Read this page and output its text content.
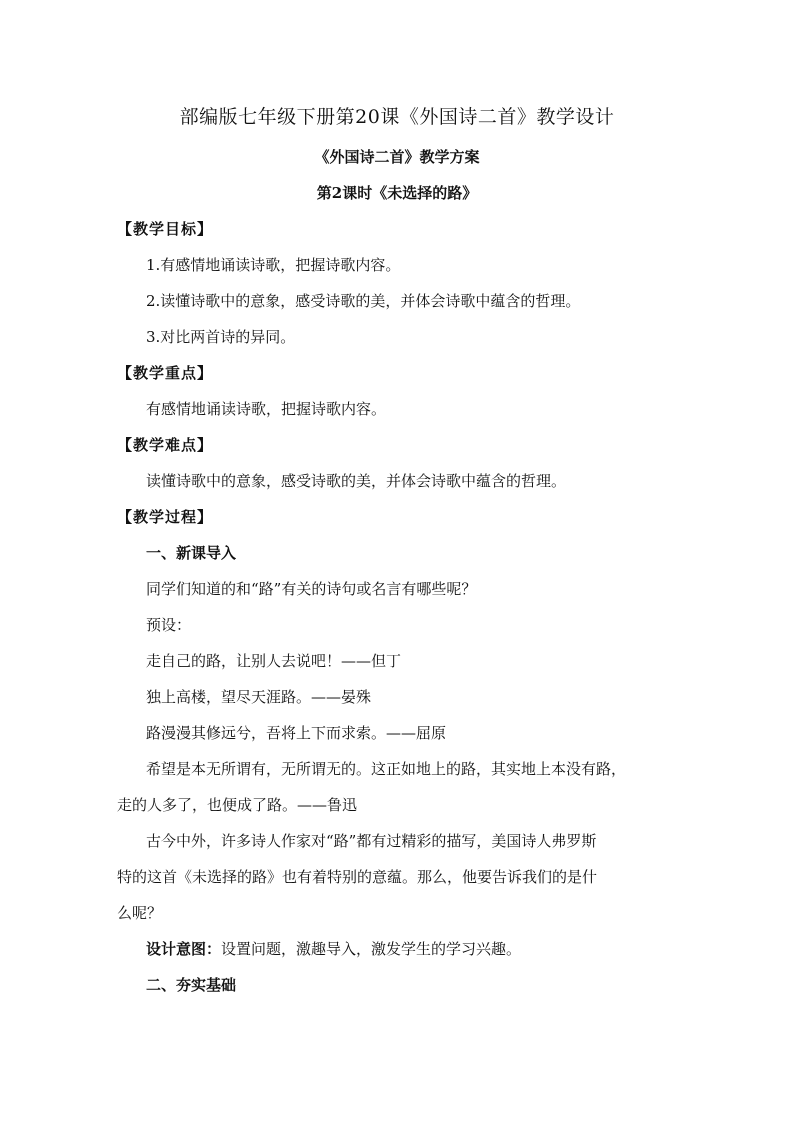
部编版七年级下册第20课《外国诗二首》教学设计
《外国诗二首》教学方案
第2课时《未选择的路》
【教学目标】
1.有感情地诵读诗歌，把握诗歌内容。
2.读懂诗歌中的意象，感受诗歌的美，并体会诗歌中蕴含的哲理。
3.对比两首诗的异同。
【教学重点】
有感情地诵读诗歌，把握诗歌内容。
【教学难点】
读懂诗歌中的意象，感受诗歌的美，并体会诗歌中蕴含的哲理。
【教学过程】
一、新课导入
同学们知道的和“路”有关的诗句或名言有哪些呢？
预设：
走自己的路，让别人去说吧！——但丁
独上高楼，望尽天涯路。——晏殊
路漫漫其修远兮，吾将上下而求索。——屈原
希望是本无所谓有，无所谓无的。这正如地上的路，其实地上本没有路，
走的人多了，也便成了路。——鲁迅
古今中外，许多诗人作家对“路”都有过精彩的描写，美国诗人弗罗斯
特的这首《未选择的路》也有着特别的意蕴。那么，他要告诉我们的是什
么呢？
设计意图：设置问题，激趣导入，激发学生的学习兴趣。
二、夯实基础
